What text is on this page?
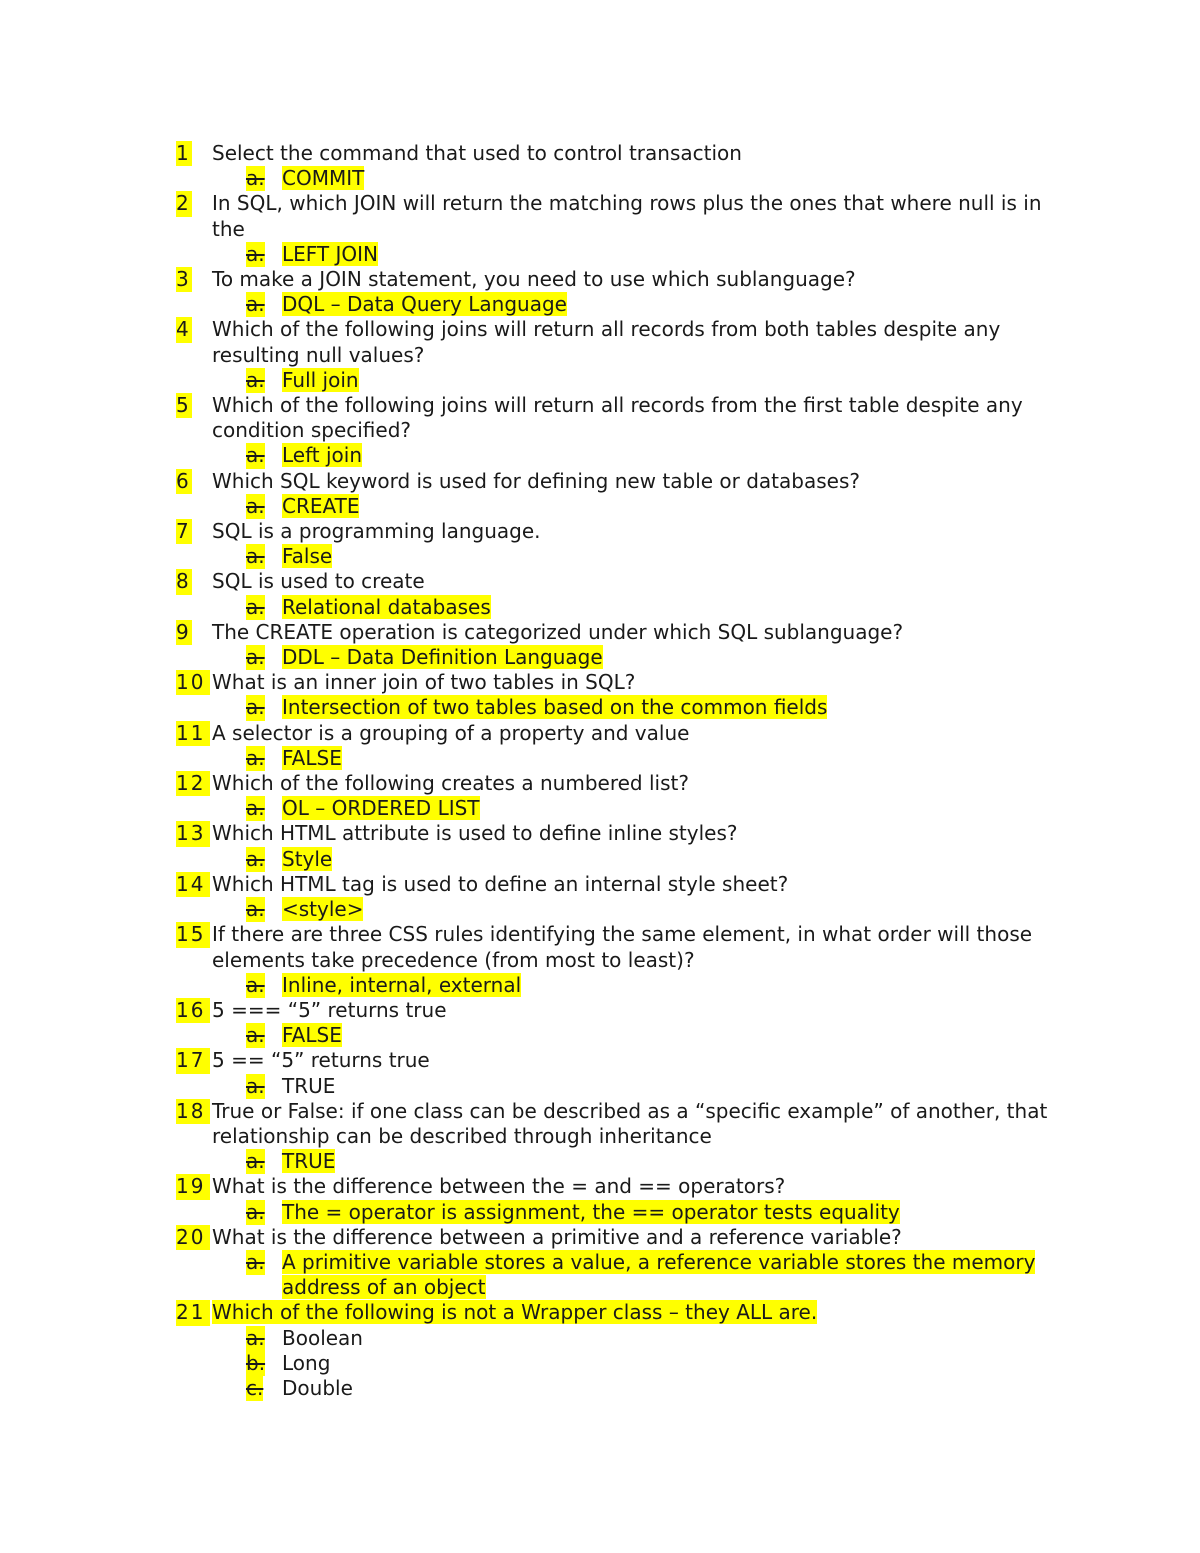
1 Select the command that used to control transaction
a. COMMIT
2 In SQL, which JOIN will return the matching rows plus the ones that where null is in the
a. LEFT JOIN
3 To make a JOIN statement, you need to use which sublanguage?
a. DQL – Data Query Language
4 Which of the following joins will return all records from both tables despite any resulting null values?
a. Full join
5 Which of the following joins will return all records from the first table despite any condition specified?
a. Left join
6 Which SQL keyword is used for defining new table or databases?
a. CREATE
7 SQL is a programming language.
a. False
8 SQL is used to create
a. Relational databases
9 The CREATE operation is categorized under which SQL sublanguage?
a. DDL – Data Definition Language
10 What is an inner join of two tables in SQL?
a. Intersection of two tables based on the common fields
11 A selector is a grouping of a property and value
a. FALSE
12 Which of the following creates a numbered list?
a. OL – ORDERED LIST
13 Which HTML attribute is used to define inline styles?
a. Style
14 Which HTML tag is used to define an internal style sheet?
a. <style>
15 If there are three CSS rules identifying the same element, in what order will those elements take precedence (from most to least)?
a. Inline, internal, external
16 5 === “5” returns true
a. FALSE
17 5 == “5” returns true
a. TRUE
18 True or False: if one class can be described as a “specific example” of another, that relationship can be described through inheritance
a. TRUE
19 What is the difference between the = and == operators?
a. The = operator is assignment, the == operator tests equality
20 What is the difference between a primitive and a reference variable?
a. A primitive variable stores a value, a reference variable stores the memory address of an object
21 Which of the following is not a Wrapper class – they ALL are.
a. Boolean
b. Long
c. Double
